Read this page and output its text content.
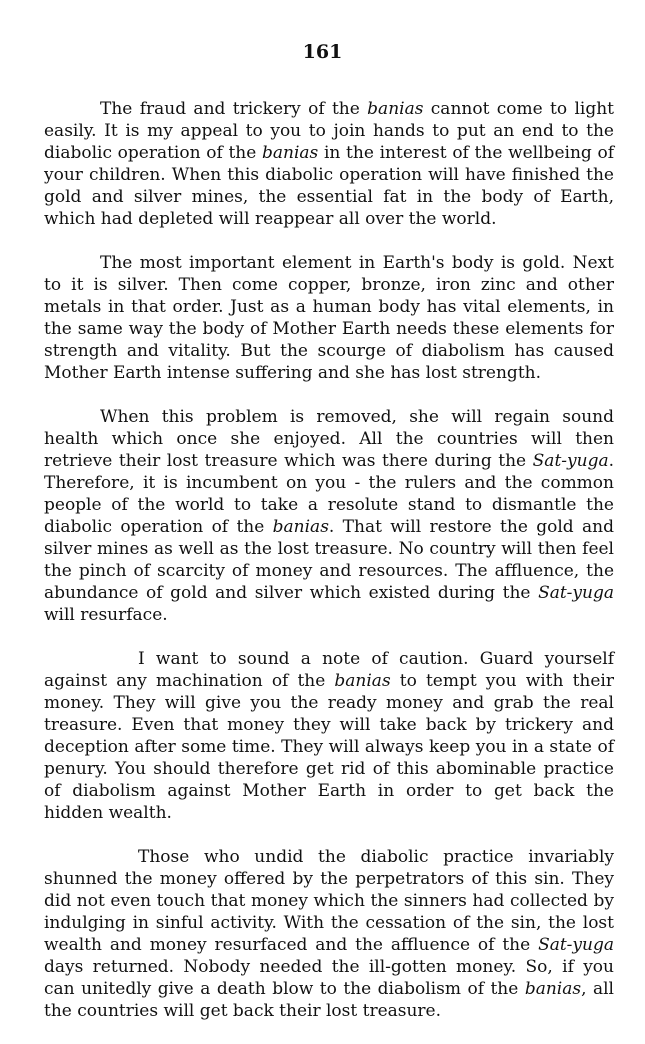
161

The fraud and trickery of the banias cannot come to light easily. It is my appeal to you to join hands to put an end to the diabolic operation of the banias in the interest of the wellbeing of your children. When this diabolic operation will have finished the gold and silver mines, the essential fat in the body of Earth, which had depleted will reappear all over the world.

The most important element in Earth's body is gold. Next to it is silver. Then come copper, bronze, iron zinc and other metals in that order. Just as a human body has vital elements, in the same way the body of Mother Earth needs these elements for strength and vitality. But the scourge of diabolism has caused Mother Earth intense suffering and she has lost strength.

When this problem is removed, she will regain sound health which once she enjoyed. All the countries will then retrieve their lost treasure which was there during the Sat-yuga. Therefore, it is incumbent on you - the rulers and the common people of the world to take a resolute stand to dismantle the diabolic operation of the banias. That will restore the gold and silver mines as well as the lost treasure. No country will then feel the pinch of scarcity of money and resources. The affluence, the abundance of gold and silver which existed during the Sat-yuga will resurface.

I want to sound a note of caution. Guard yourself against any machination of the banias to tempt you with their money. They will give you the ready money and grab the real treasure. Even that money they will take back by trickery and deception after some time. They will always keep you in a state of penury. You should therefore get rid of this abominable practice of diabolism against Mother Earth in order to get back the hidden wealth.

Those who undid the diabolic practice invariably shunned the money offered by the perpetrators of this sin. They did not even touch that money which the sinners had collected by indulging in sinful activity. With the cessation of the sin, the lost wealth and money resurfaced and the affluence of the Sat-yuga days returned. Nobody needed the ill-gotten money. So, if you can unitedly give a death blow to the diabolism of the banias, all the countries will get back their lost treasure.
